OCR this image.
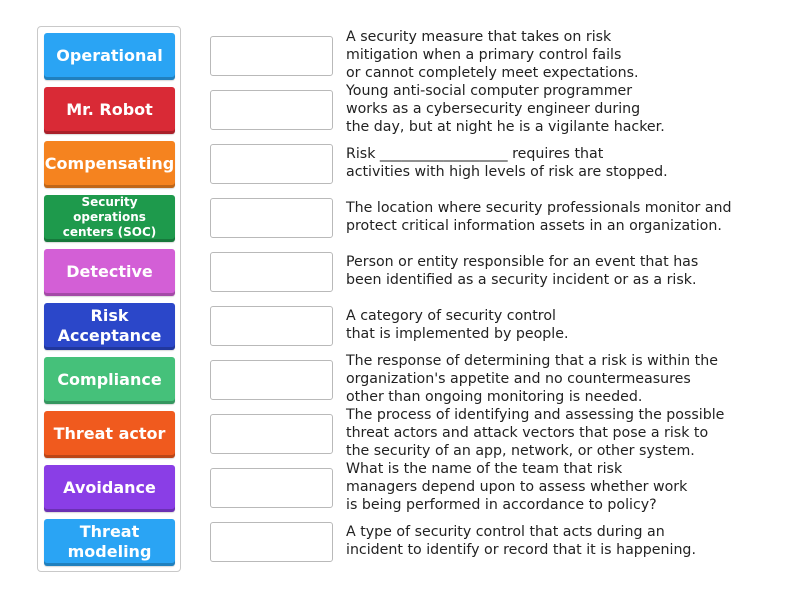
Operational
Mr. Robot
Compensating
Security operations centers (SOC)
Detective
Risk Acceptance
Compliance
Threat actor
Avoidance
Threat modeling
A security measure that takes on risk
mitigation when a primary control fails
or cannot completely meet expectations.
Young anti-social computer programmer
works as a cybersecurity engineer during
the day, but at night he is a vigilante hacker.
Risk __________________ requires that
activities with high levels of risk are stopped.
The location where security professionals monitor and
protect critical information assets in an organization.
Person or entity responsible for an event that has
been identified as a security incident or as a risk.
A category of security control
that is implemented by people.
The response of determining that a risk is within the
organization's appetite and no countermeasures
other than ongoing monitoring is needed.
The process of identifying and assessing the possible
threat actors and attack vectors that pose a risk to
the security of an app, network, or other system.
What is the name of the team that risk
managers depend upon to assess whether work
is being performed in accordance to policy?
A type of security control that acts during an
incident to identify or record that it is happening.
